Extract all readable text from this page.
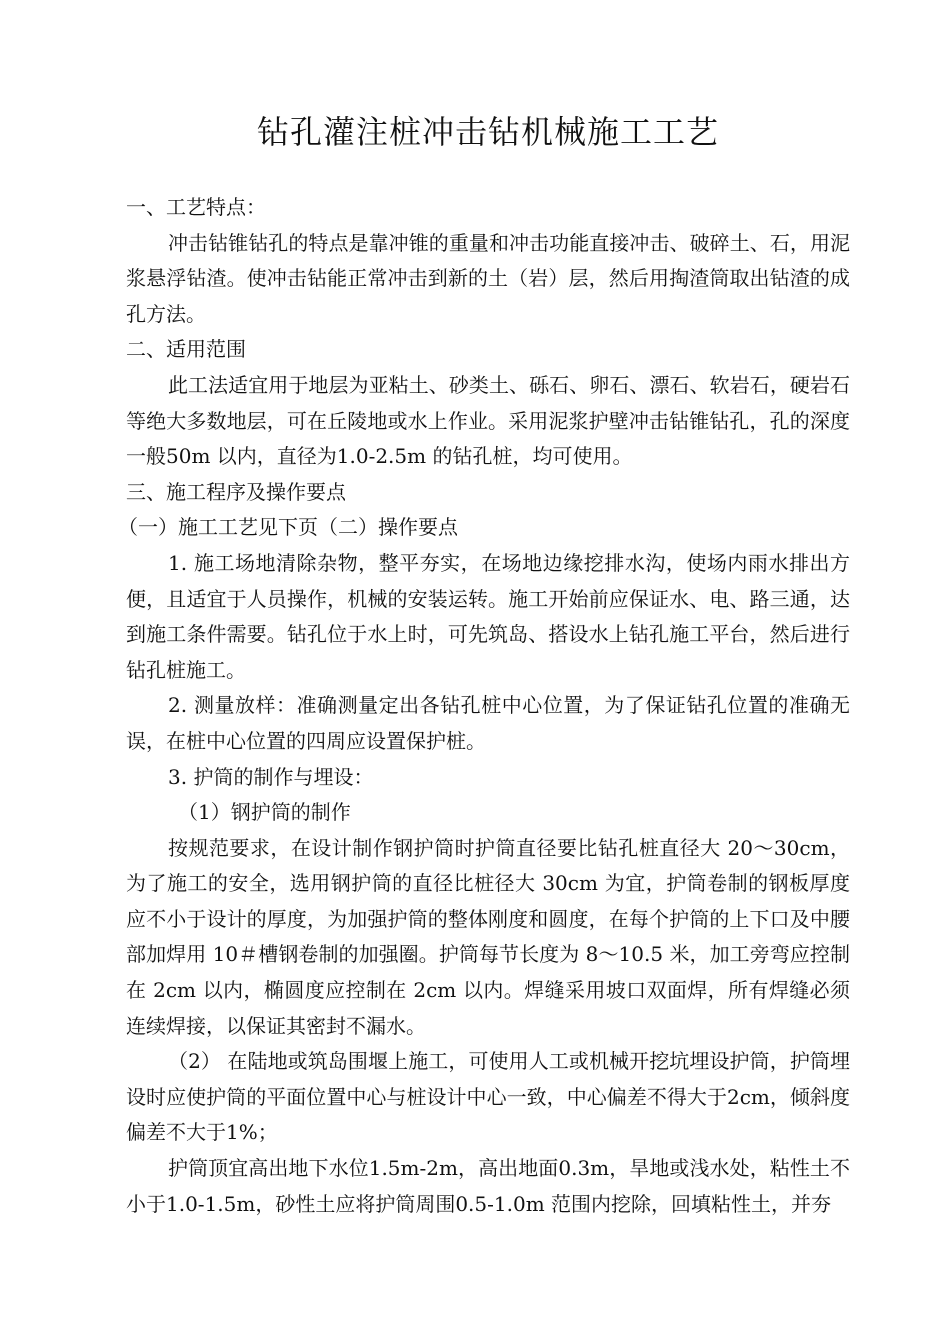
钻孔灌注桩冲击钻机械施工工艺

一、工艺特点：

冲击钻锥钻孔的特点是靠冲锥的重量和冲击功能直接冲击、破碎土、石，用泥浆悬浮钻渣。使冲击钻能正常冲击到新的土（岩）层，然后用掏渣筒取出钻渣的成孔方法。

二、适用范围

此工法适宜用于地层为亚粘土、砂类土、砾石、卵石、漂石、软岩石，硬岩石等绝大多数地层，可在丘陵地或水上作业。采用泥浆护壁冲击钻锥钻孔，孔的深度一般50m 以内，直径为1.0-2.5m 的钻孔桩，均可使用。

三、施工程序及操作要点

（一）施工工艺见下页（二）操作要点

1. 施工场地清除杂物，整平夯实，在场地边缘挖排水沟，使场内雨水排出方便，且适宜于人员操作，机械的安装运转。施工开始前应保证水、电、路三通，达到施工条件需要。钻孔位于水上时，可先筑岛、搭设水上钻孔施工平台，然后进行钻孔桩施工。

2. 测量放样：准确测量定出各钻孔桩中心位置，为了保证钻孔位置的准确无误，在桩中心位置的四周应设置保护桩。

3. 护筒的制作与埋设：

（1）钢护筒的制作

按规范要求，在设计制作钢护筒时护筒直径要比钻孔桩直径大 20～30cm，为了施工的安全，选用钢护筒的直径比桩径大 30cm 为宜，护筒卷制的钢板厚度应不小于设计的厚度，为加强护筒的整体刚度和圆度，在每个护筒的上下口及中腰部加焊用 10＃槽钢卷制的加强圈。护筒每节长度为 8～10.5 米，加工旁弯应控制在 2cm 以内，椭圆度应控制在 2cm 以内。焊缝采用坡口双面焊，所有焊缝必须连续焊接，以保证其密封不漏水。

（2） 在陆地或筑岛围堰上施工，可使用人工或机械开挖坑埋设护筒，护筒埋设时应使护筒的平面位置中心与桩设计中心一致，中心偏差不得大于2cm，倾斜度偏差不大于1%；

护筒顶宜高出地下水位1.5m-2m，高出地面0.3m，旱地或浅水处，粘性土不小于1.0-1.5m，砂性土应将护筒周围0.5-1.0m 范围内挖除，回填粘性土，并夯
